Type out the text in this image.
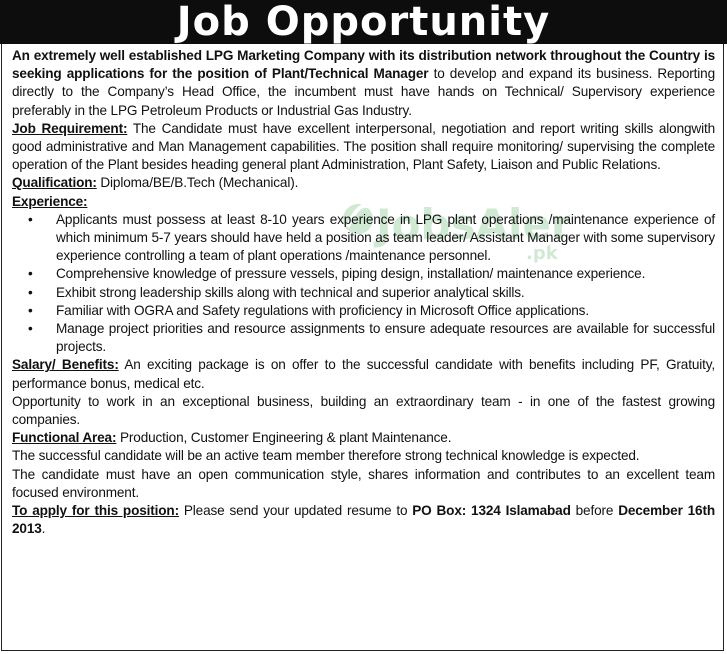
Job Opportunity
JobsAler
.pk

An extremely well established LPG Marketing Company with its distribution network throughout the Country is seeking applications for the position of Plant/Technical Manager to develop and expand its business. Reporting directly to the Company’s Head Office, the incumbent must have hands on Technical/ Supervisory experience preferably in the LPG Petroleum Products or Industrial Gas Industry.

Job Requirement: The Candidate must have excellent interpersonal, negotiation and report writing skills alongwith good administrative and Man Management capabilities. The position shall require monitoring/ supervising the complete operation of the Plant besides heading general plant Administration, Plant Safety, Liaison and Public Relations.

Qualification: Diploma/BE/B.Tech (Mechanical).

Experience:

• Applicants must possess at least 8-10 years experience in LPG plant operations /maintenance experience of which minimum 5-7 years should have held a position as team leader/ Assistant Manager with some supervisory experience controlling a team of plant operations /maintenance personnel.
• Comprehensive knowledge of pressure vessels, piping design, installation/ maintenance experience.
• Exhibit strong leadership skills along with technical and superior analytical skills.
• Familiar with OGRA and Safety regulations with proficiency in Microsoft Office applications.
• Manage project priorities and resource assignments to ensure adequate resources are available for successful projects.

Salary/ Benefits: An exciting package is on offer to the successful candidate with benefits including PF, Gratuity, performance bonus, medical etc.

Opportunity to work in an exceptional business, building an extraordinary team - in one of the fastest growing companies.

Functional Area: Production, Customer Engineering & plant Maintenance.

The successful candidate will be an active team member therefore strong technical knowledge is expected.

The candidate must have an open communication style, shares information and contributes to an excellent team focused environment.

To apply for this position: Please send your updated resume to PO Box: 1324 Islamabad before December 16th 2013.
